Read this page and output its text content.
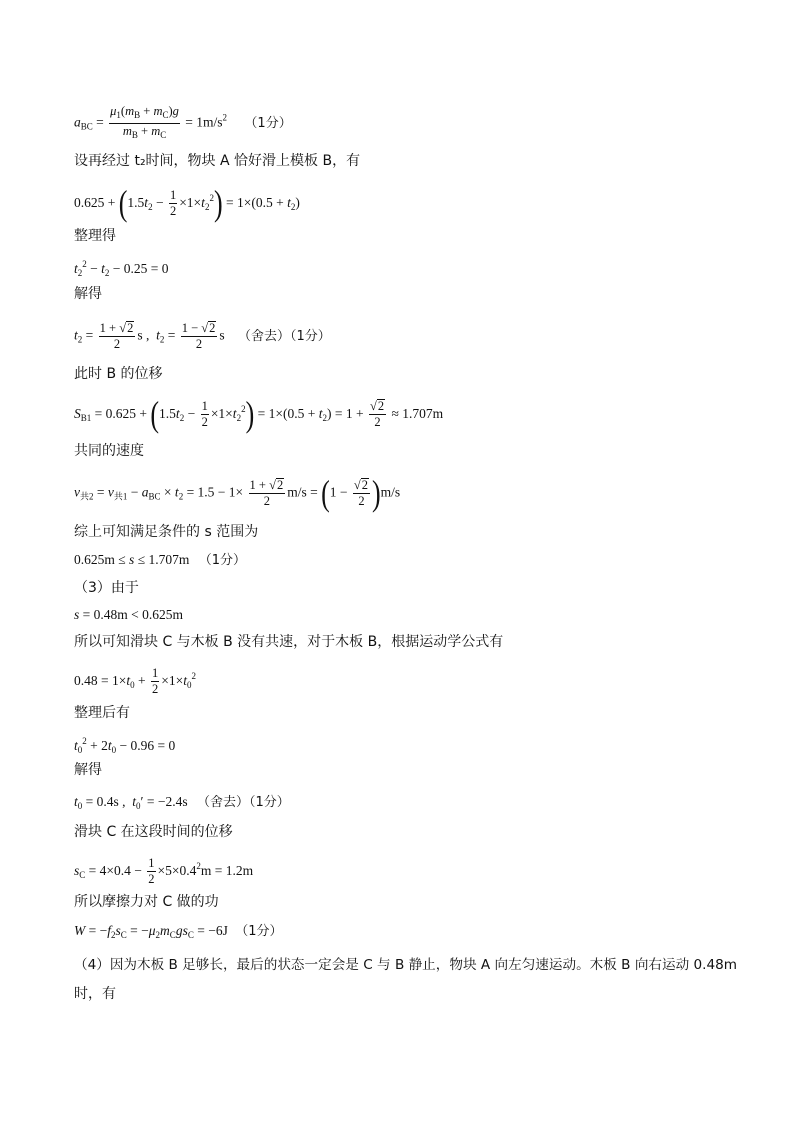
$a_{BC} = \frac{\mu_1(m_B + m_C)g}{m_B + m_C} = 1m/s^2$ （1分）
设再经过 t₂时间，物块 A 恰好滑上模板 B，有
$0.625 + (1.5t_2 - \frac{1}{2} \times 1\times t_2^2) = 1\times(0.5 + t_2)$
整理得
$t_2^2 - t_2 - 0.25 = 0$
解得
$t_2 = \frac{1 + √2}{2}$ s ,  $t_2 = \frac{1 - √2}{2}$ s （舍去）（1分）
此时 B 的位移
$S_{B1} = 0.625 + (1.5t_2 - \frac{1}{2} \times 1\times t_2^2) = 1\times(0.5 + t_2) = 1 + \frac{√2}{2} \approx 1.707m$
共同的速度
$v_{共2} = v_{共1} - a_{BC} \times t_2 = 1.5 - 1\times \frac{1 + √2}{2} m/s = (1 - \frac{√2}{2} )m/s$
综上可知满足条件的 s 范围为
0.625m ≤ s ≤ 1.707m （1分）
（3）由于
s = 0.48m < 0.625m
所以可知滑块 C 与木板 B 没有共速，对于木板 B，根据运动学公式有
$0.48 = 1\times t_0 + \frac{1}{2} \times 1\times t_0^2$
整理后有
$t_0^2 + 2t_0 - 0.96 = 0$
解得
$t_0 = 0.4s$ ,  $t_0' = -2.4s$ （舍去）（1分）
滑块 C 在这段时间的位移
$s_C = 4\times 0.4 - \frac{1}{2} \times 5\times 0.4^2m = 1.2m$
所以摩擦力对 C 做的功
$W = -f_2s_C = -\mu_2m_Cgs_C = -6J$ （1分）
（4）因为木板 B 足够长，最后的状态一定会是 C 与 B 静止，物块 A 向左匀速运动。木板 B 向右运动 0.48m
时，有
